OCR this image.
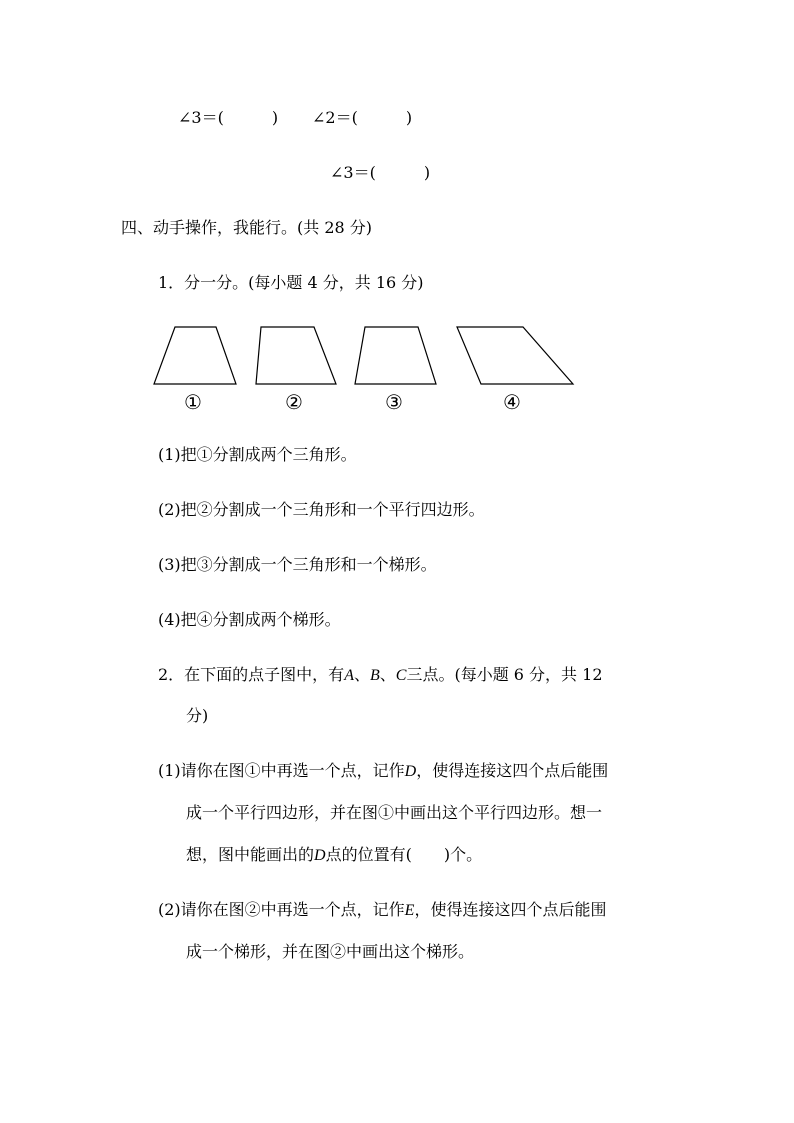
∠3＝(　　　) ∠2＝(　　　)
∠3＝(　　　)
四、动手操作，我能行。(共 28 分)
1．分一分。(每小题 4 分，共 16 分)
①	②	③	④
(1)把①分割成两个三角形。
(2)把②分割成一个三角形和一个平行四边形。
(3)把③分割成一个三角形和一个梯形。
(4)把④分割成两个梯形。
2．在下面的点子图中，有A、B、C三点。(每小题 6 分，共 12
分)
(1)请你在图①中再选一个点，记作D，使得连接这四个点后能围
成一个平行四边形，并在图①中画出这个平行四边形。想一
想，图中能画出的D点的位置有(　　)个。
(2)请你在图②中再选一个点，记作E，使得连接这四个点后能围
成一个梯形，并在图②中画出这个梯形。
